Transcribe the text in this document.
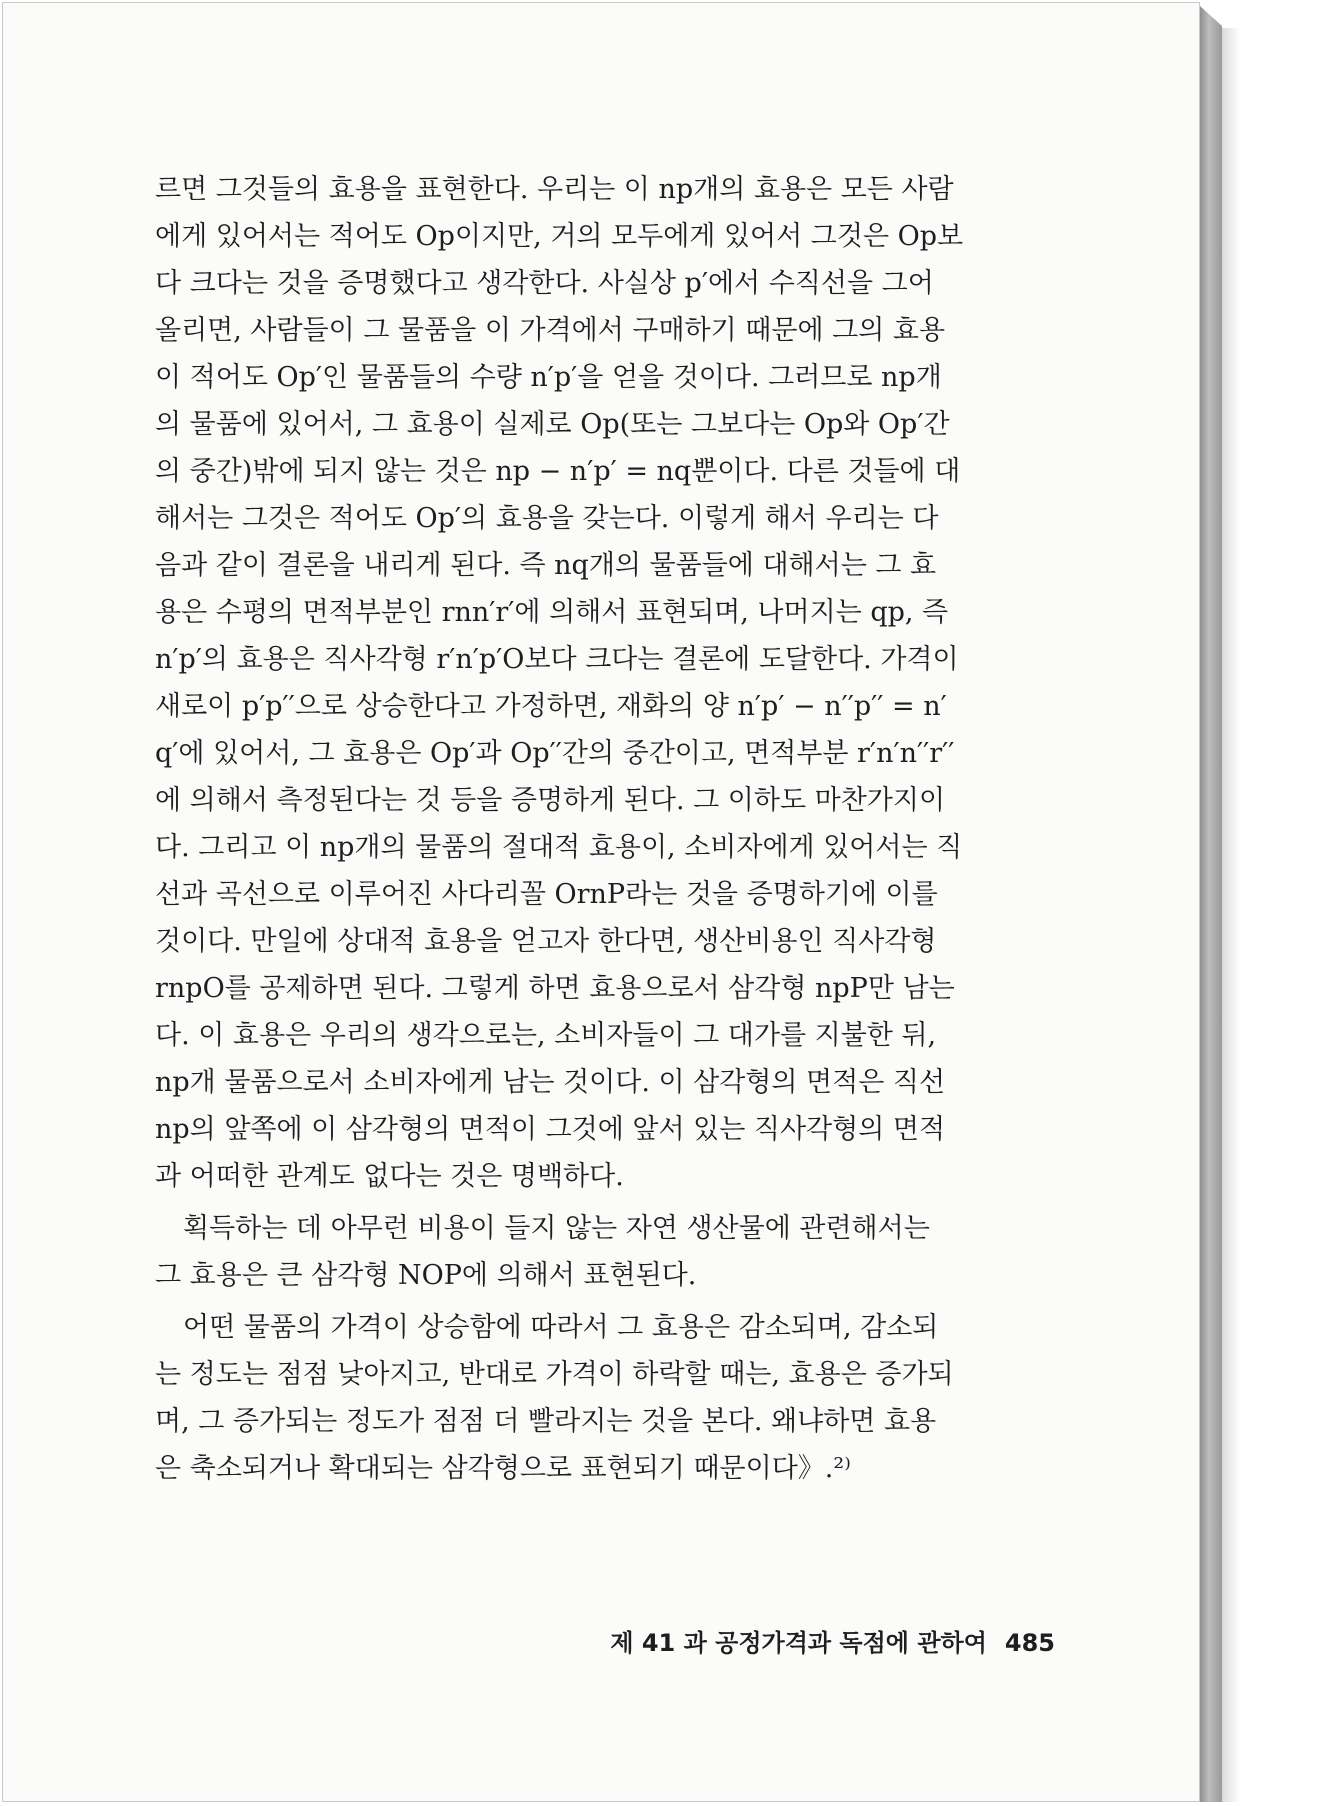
르면 그것들의 효용을 표현한다. 우리는 이 np개의 효용은 모든 사람
에게 있어서는 적어도 Op이지만, 거의 모두에게 있어서 그것은 Op보
다 크다는 것을 증명했다고 생각한다. 사실상 p′에서 수직선을 그어
올리면, 사람들이 그 물품을 이 가격에서 구매하기 때문에 그의 효용
이 적어도 Op′인 물품들의 수량 n′p′을 얻을 것이다. 그러므로 np개
의 물품에 있어서, 그 효용이 실제로 Op(또는 그보다는 Op와 Op′간
의 중간)밖에 되지 않는 것은 np − n′p′ = nq뿐이다. 다른 것들에 대
해서는 그것은 적어도 Op′의 효용을 갖는다. 이렇게 해서 우리는 다
음과 같이 결론을 내리게 된다. 즉 nq개의 물품들에 대해서는 그 효
용은 수평의 면적부분인 rnn′r′에 의해서 표현되며, 나머지는 qp, 즉
n′p′의 효용은 직사각형 r′n′p′O보다 크다는 결론에 도달한다. 가격이
새로이 p′p′′으로 상승한다고 가정하면, 재화의 양 n′p′ − n′′p′′ = n′
q′에 있어서, 그 효용은 Op′과 Op′′간의 중간이고, 면적부분 r′n′n′′r′′
에 의해서 측정된다는 것 등을 증명하게 된다. 그 이하도 마찬가지이
다. 그리고 이 np개의 물품의 절대적 효용이, 소비자에게 있어서는 직
선과 곡선으로 이루어진 사다리꼴 OrnP라는 것을 증명하기에 이를
것이다. 만일에 상대적 효용을 얻고자 한다면, 생산비용인 직사각형
rnpO를 공제하면 된다. 그렇게 하면 효용으로서 삼각형 npP만 남는
다. 이 효용은 우리의 생각으로는, 소비자들이 그 대가를 지불한 뒤,
np개 물품으로서 소비자에게 남는 것이다. 이 삼각형의 면적은 직선
np의 앞쪽에 이 삼각형의 면적이 그것에 앞서 있는 직사각형의 면적
과 어떠한 관계도 없다는 것은 명백하다.
획득하는 데 아무런 비용이 들지 않는 자연 생산물에 관련해서는
그 효용은 큰 삼각형 NOP에 의해서 표현된다.
어떤 물품의 가격이 상승함에 따라서 그 효용은 감소되며, 감소되
는 정도는 점점 낮아지고, 반대로 가격이 하락할 때는, 효용은 증가되
며, 그 증가되는 정도가 점점 더 빨라지는 것을 본다. 왜냐하면 효용
은 축소되거나 확대되는 삼각형으로 표현되기 때문이다》.²⁾
제 41 과 공정가격과 독점에 관하여 485
